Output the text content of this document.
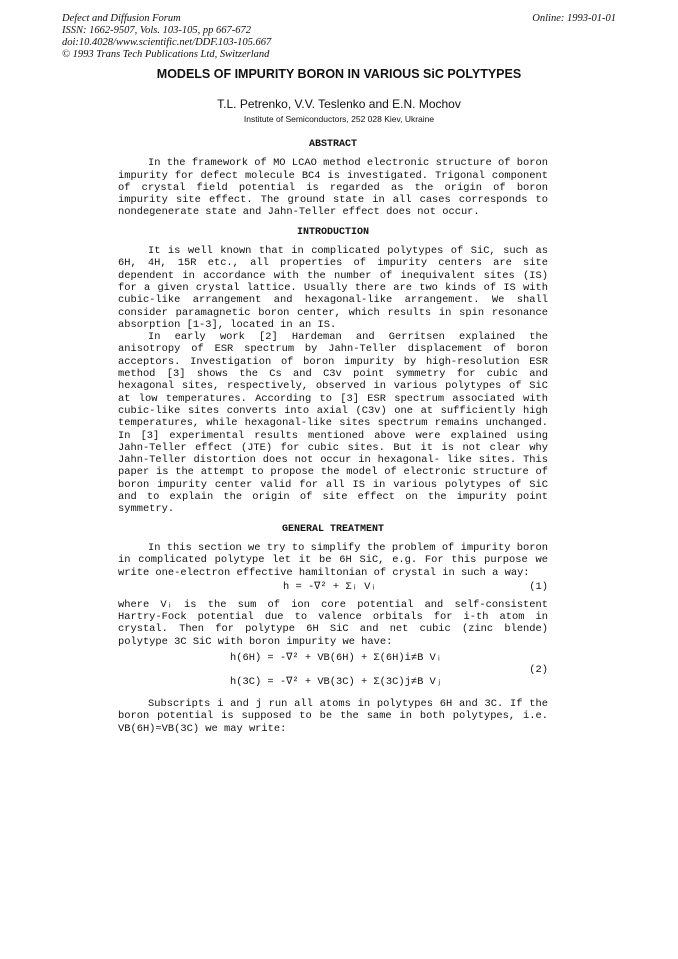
Defect and Diffusion Forum
ISSN: 1662-9507, Vols. 103-105, pp 667-672
doi:10.4028/www.scientific.net/DDF.103-105.667
© 1993 Trans Tech Publications Ltd, Switzerland
Online: 1993-01-01
MODELS OF IMPURITY BORON IN VARIOUS SiC POLYTYPES
T.L. Petrenko, V.V. Teslenko and E.N. Mochov
Institute of Semiconductors, 252 028 Kiev, Ukraine
ABSTRACT

In the framework of MO LCAO method electronic structure of boron impurity for defect molecule BC4 is investigated. Trigonal component of crystal field potential is regarded as the origin of boron impurity site effect. The ground state in all cases corresponds to nondegenerate state and Jahn-Teller effect does not occur.

INTRODUCTION

It is well known that in complicated polytypes of SiC, such as 6H, 4H, 15R etc., all properties of impurity centers are site dependent in accordance with the number of inequivalent sites (IS) for a given crystal lattice. Usually there are two kinds of IS with cubic-like arrangement and hexagonal-like arrangement. We shall consider paramagnetic boron center, which results in spin resonance absorption [1-3], located in an IS.

In early work [2] Hardeman and Gerritsen explained the anisotropy of ESR spectrum by Jahn-Teller displacement of boron acceptors. Investigation of boron impurity by high-resolution ESR method [3] shows the Cs and C3v point symmetry for cubic and hexagonal sites, respectively, observed in various polytypes of SiC at low temperatures. According to [3] ESR spectrum associated with cubic-like sites converts into axial (C3v) one at sufficiently high temperatures, while hexagonal-like sites spectrum remains unchanged. In [3] experimental results mentioned above were explained using Jahn-Teller effect (JTE) for cubic sites. But it is not clear why Jahn-Teller distortion does not occur in hexagonal- like sites. This paper is the attempt to propose the model of electronic structure of boron impurity center valid for all IS in various polytypes of SiC and to explain the origin of site effect on the impurity point symmetry.

GENERAL TREATMENT

In this section we try to simplify the problem of impurity boron in complicated polytype let it be 6H SiC, e.g. For this purpose we write one-electron effective hamiltonian of crystal in such a way:

h = -∇² + Σᵢ Vᵢ	(1)

where Vᵢ is the sum of ion core potential and self-consistent Hartry-Fock potential due to valence orbitals for i-th atom in crystal. Then for polytype 6H SiC and net cubic (zinc blende) polytype 3C SiC with boron impurity we have:

h(6H) = -∇² + VB(6H) + Σ(6H)i≠B Vᵢ
h(3C) = -∇² + VB(3C) + Σ(3C)j≠B Vⱼ
(2)

Subscripts i and j run all atoms in polytypes 6H and 3C. If the boron potential is supposed to be the same in both polytypes, i.e. VB(6H)≈VB(3C) we may write:
